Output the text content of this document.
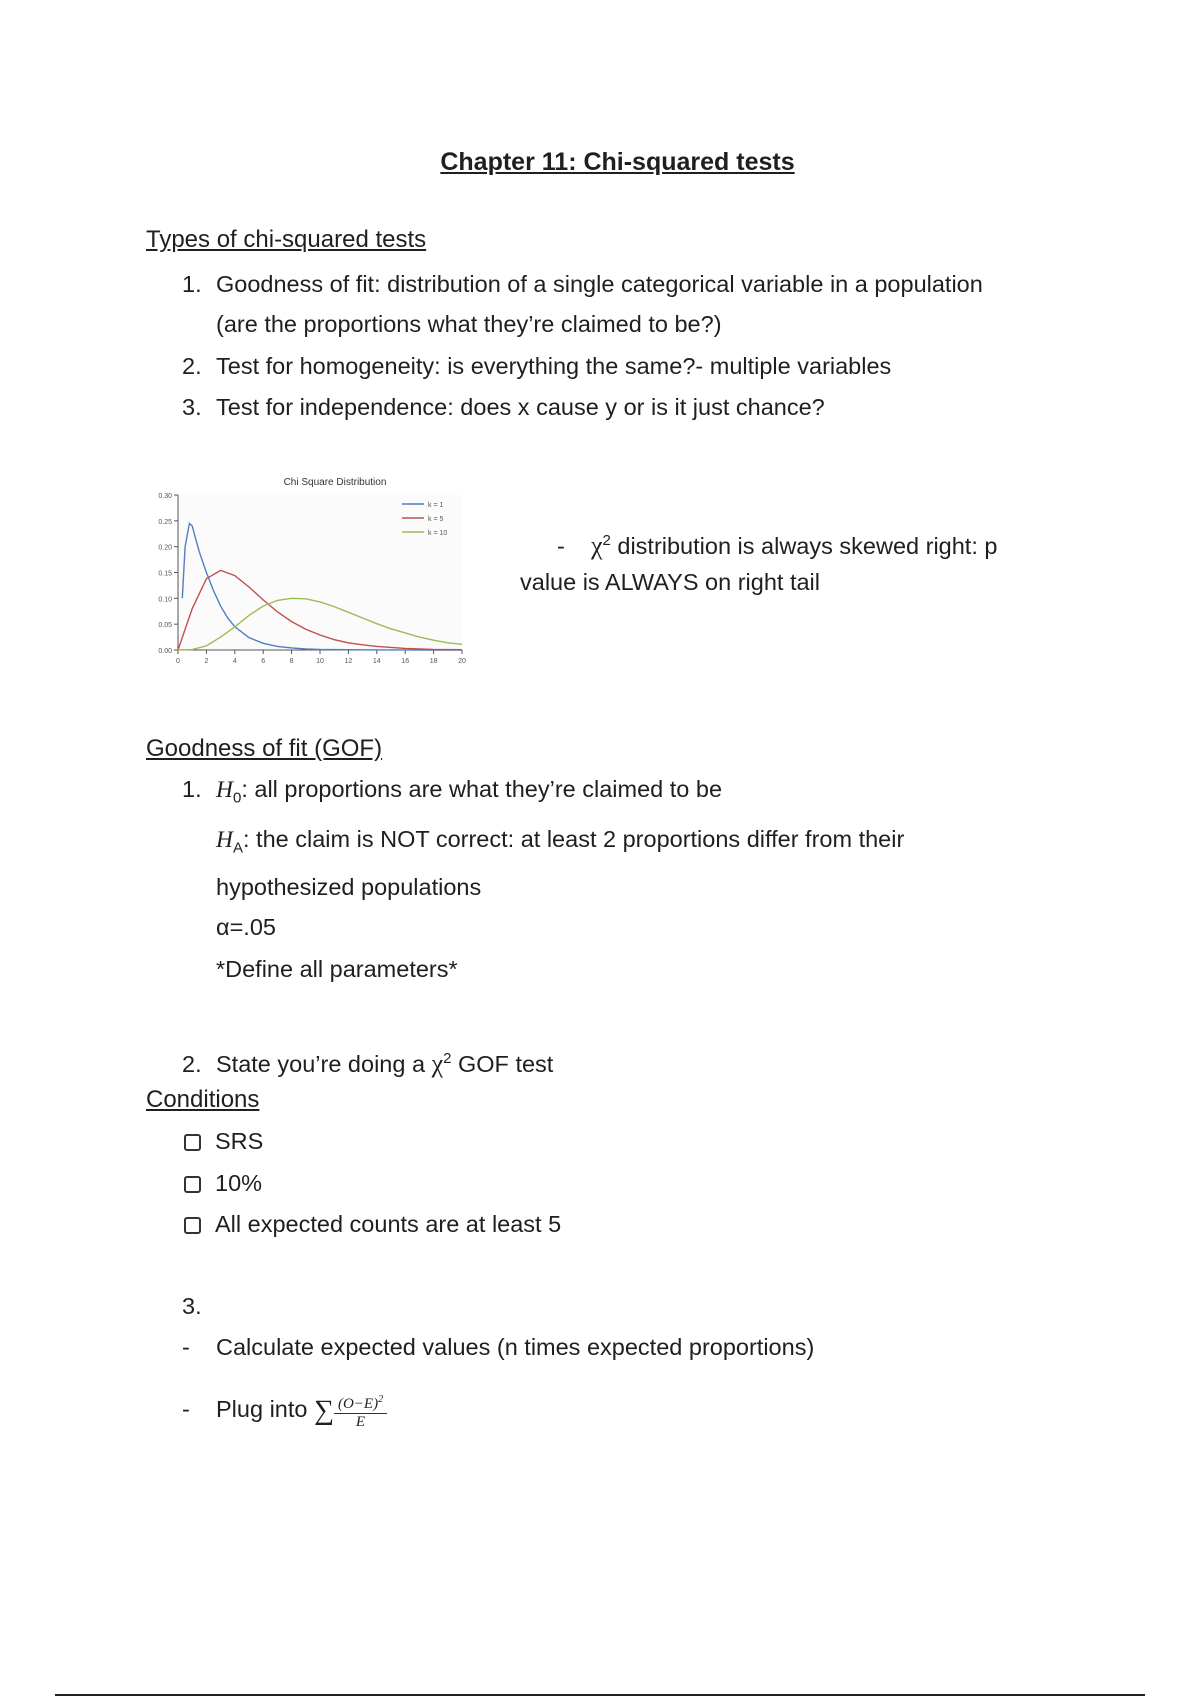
Chapter 11: Chi-squared tests
Types of chi-squared tests
1. Goodness of fit: distribution of a single categorical variable in a population
(are the proportions what they’re claimed to be?)
2. Test for homogeneity: is everything the same?- multiple variables
3. Test for independence: does x cause y or is it just chance?
Chi Square Distribution
0.00
0.05
0.10
0.15
0.20
0.25
0.30
0	2	4	6	8	10	12	14	16	18	20
k = 1
k = 5
k = 10	- $\chi^2$ distribution is always skewed right: p
value is ALWAYS on right tail
Goodness of fit (GOF)
1. $H_0$: all proportions are what they’re claimed to be
$H_A$: the claim is NOT correct: at least 2 proportions differ from their
hypothesized populations
α=.05
*Define all parameters*
2. State you’re doing a $\chi^2$ GOF test
Conditions
SRS
10%
All expected counts are at least 5
3.
- Calculate expected values (n times expected proportions)
- Plug into ∑ $\frac{(O-E)^2}{E}$
